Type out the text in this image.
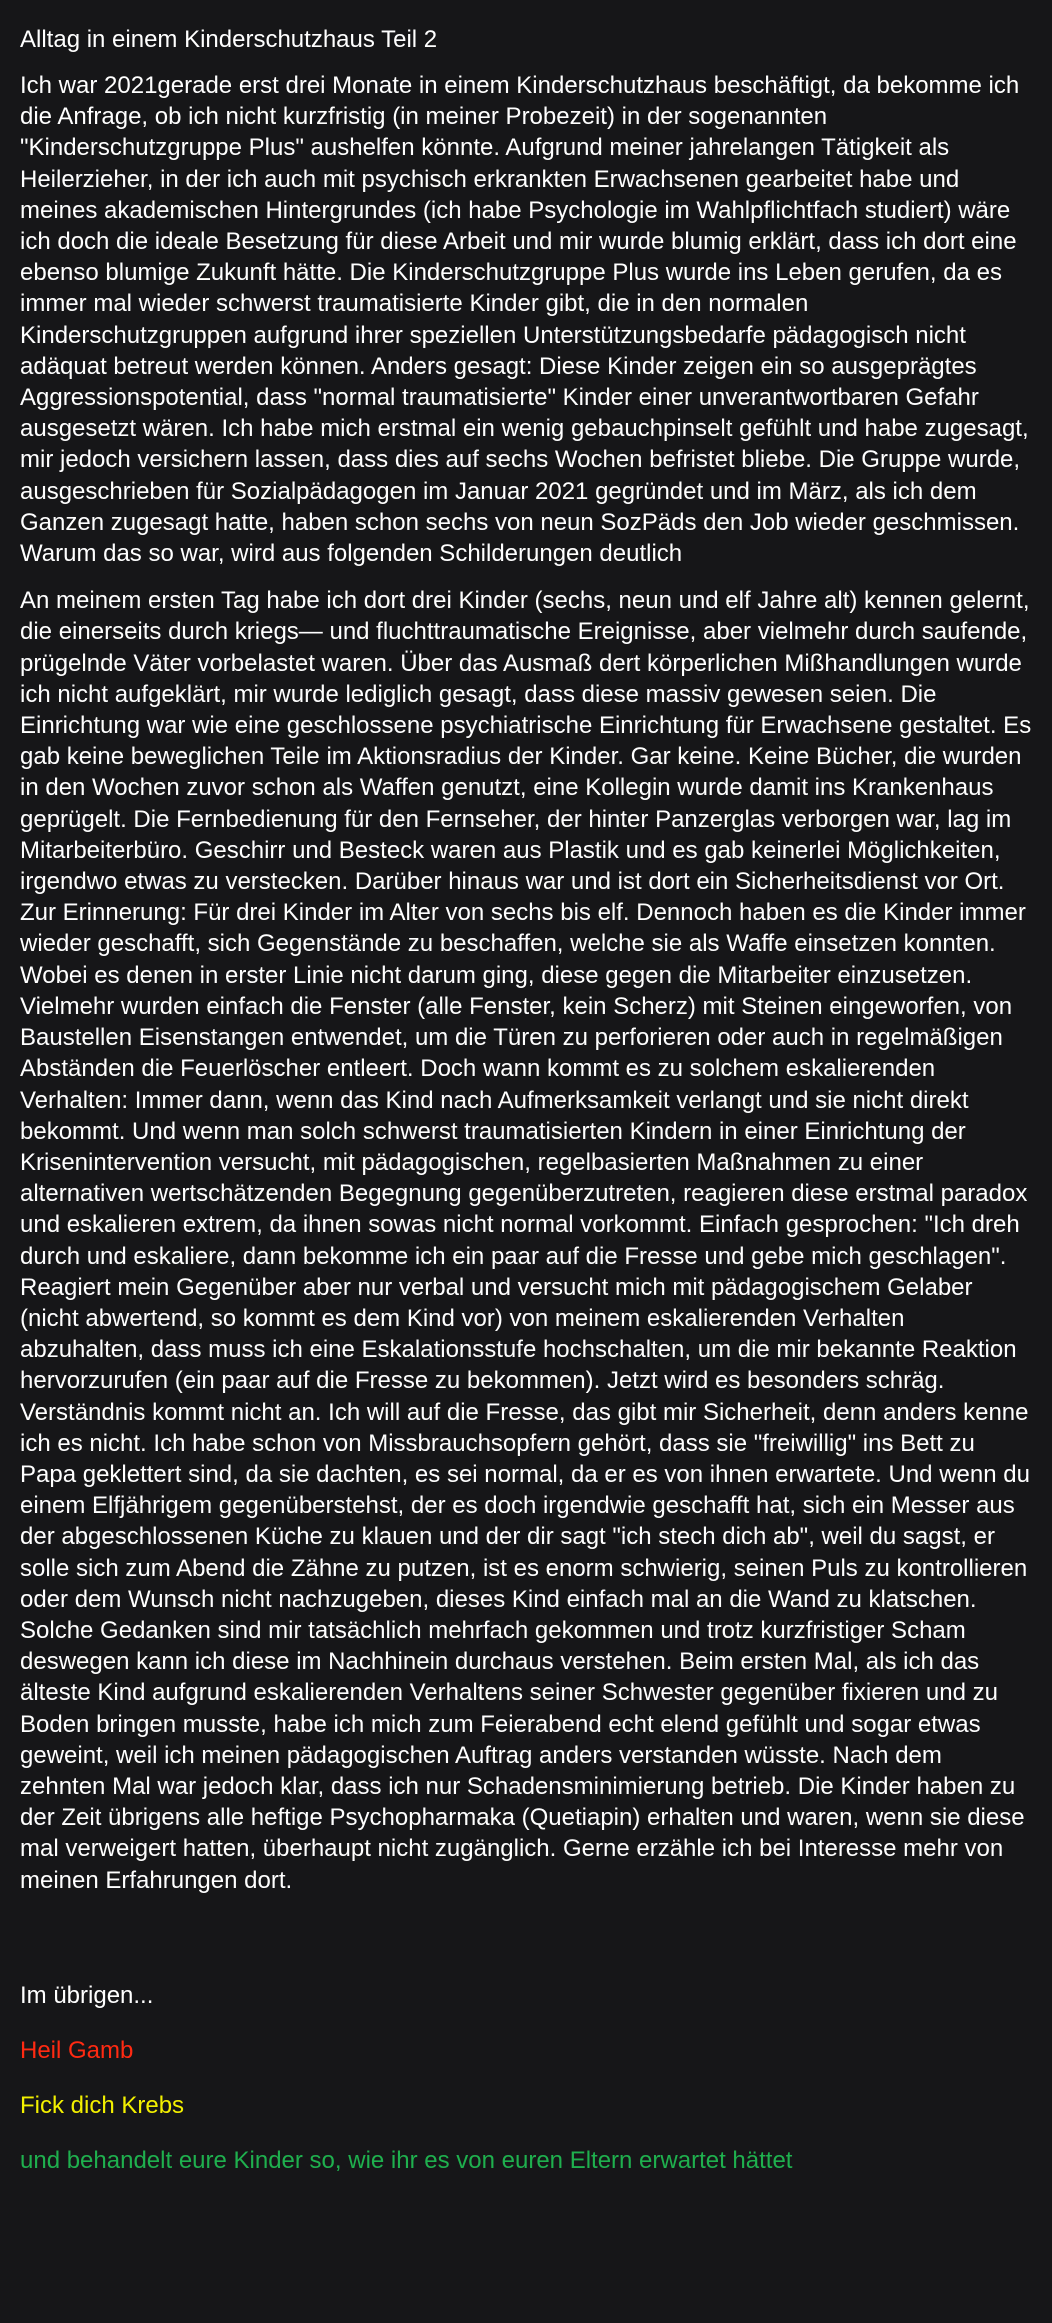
Alltag in einem Kinderschutzhaus Teil 2

Ich war 2021gerade erst drei Monate in einem Kinderschutzhaus beschäftigt, da bekomme ich die Anfrage, ob ich nicht kurzfristig (in meiner Probezeit) in der sogenannten "Kinderschutzgruppe Plus" aushelfen könnte. Aufgrund meiner jahrelangen Tätigkeit als Heilerzieher, in der ich auch mit psychisch erkrankten Erwachsenen gearbeitet habe und meines akademischen Hintergrundes (ich habe Psychologie im Wahlpflichtfach studiert) wäre ich doch die ideale Besetzung für diese Arbeit und mir wurde blumig erklärt, dass ich dort eine ebenso blumige Zukunft hätte. Die Kinderschutzgruppe Plus wurde ins Leben gerufen, da es immer mal wieder schwerst traumatisierte Kinder gibt, die in den normalen Kinderschutzgruppen aufgrund ihrer speziellen Unterstützungsbedarfe pädagogisch nicht adäquat betreut werden können. Anders gesagt: Diese Kinder zeigen ein so ausgeprägtes Aggressionspotential, dass "normal traumatisierte" Kinder einer unverantwortbaren Gefahr ausgesetzt wären. Ich habe mich erstmal ein wenig gebauchpinselt gefühlt und habe zugesagt, mir jedoch versichern lassen, dass dies auf sechs Wochen befristet bliebe. Die Gruppe wurde, ausgeschrieben für Sozialpädagogen im Januar 2021 gegründet und im März, als ich dem Ganzen zugesagt hatte, haben schon sechs von neun SozPäds den Job wieder geschmissen. Warum das so war, wird aus folgenden Schilderungen deutlich

An meinem ersten Tag habe ich dort drei Kinder (sechs, neun und elf Jahre alt) kennen gelernt, die einerseits durch kriegs— und fluchttraumatische Ereignisse, aber vielmehr durch saufende, prügelnde Väter vorbelastet waren. Über das Ausmaß dert körperlichen Mißhandlungen wurde ich nicht aufgeklärt, mir wurde lediglich gesagt, dass diese massiv gewesen seien. Die Einrichtung war wie eine geschlossene psychiatrische Einrichtung für Erwachsene gestaltet. Es gab keine beweglichen Teile im Aktionsradius der Kinder. Gar keine. Keine Bücher, die wurden in den Wochen zuvor schon als Waffen genutzt, eine Kollegin wurde damit ins Krankenhaus geprügelt. Die Fernbedienung für den Fernseher, der hinter Panzerglas verborgen war, lag im Mitarbeiterbüro. Geschirr und Besteck waren aus Plastik und es gab keinerlei Möglichkeiten, irgendwo etwas zu verstecken. Darüber hinaus war und ist dort ein Sicherheitsdienst vor Ort. Zur Erinnerung: Für drei Kinder im Alter von sechs bis elf. Dennoch haben es die Kinder immer wieder geschafft, sich Gegenstände zu beschaffen, welche sie als Waffe einsetzen konnten. Wobei es denen in erster Linie nicht darum ging, diese gegen die Mitarbeiter einzusetzen. Vielmehr wurden einfach die Fenster (alle Fenster, kein Scherz) mit Steinen eingeworfen, von Baustellen Eisenstangen entwendet, um die Türen zu perforieren oder auch in regelmäßigen Abständen die Feuerlöscher entleert. Doch wann kommt es zu solchem eskalierenden Verhalten: Immer dann, wenn das Kind nach Aufmerksamkeit verlangt und sie nicht direkt bekommt. Und wenn man solch schwerst traumatisierten Kindern in einer Einrichtung der Krisenintervention versucht, mit pädagogischen, regelbasierten Maßnahmen zu einer alternativen wertschätzenden Begegnung gegenüberzutreten, reagieren diese erstmal paradox und eskalieren extrem, da ihnen sowas nicht normal vorkommt. Einfach gesprochen: "Ich dreh durch und eskaliere, dann bekomme ich ein paar auf die Fresse und gebe mich geschlagen". Reagiert mein Gegenüber aber nur verbal und versucht mich mit pädagogischem Gelaber (nicht abwertend, so kommt es dem Kind vor) von meinem eskalierenden Verhalten abzuhalten, dass muss ich eine Eskalationsstufe hochschalten, um die mir bekannte Reaktion hervorzurufen (ein paar auf die Fresse zu bekommen). Jetzt wird es besonders schräg. Verständnis kommt nicht an. Ich will auf die Fresse, das gibt mir Sicherheit, denn anders kenne ich es nicht. Ich habe schon von Missbrauchsopfern gehört, dass sie "freiwillig" ins Bett zu Papa geklettert sind, da sie dachten, es sei normal, da er es von ihnen erwartete. Und wenn du einem Elfjährigem gegenüberstehst, der es doch irgendwie geschafft hat, sich ein Messer aus der abgeschlossenen Küche zu klauen und der dir sagt "ich stech dich ab", weil du sagst, er solle sich zum Abend die Zähne zu putzen, ist es enorm schwierig, seinen Puls zu kontrollieren oder dem Wunsch nicht nachzugeben, dieses Kind einfach mal an die Wand zu klatschen. Solche Gedanken sind mir tatsächlich mehrfach gekommen und trotz kurzfristiger Scham deswegen kann ich diese im Nachhinein durchaus verstehen. Beim ersten Mal, als ich das älteste Kind aufgrund eskalierenden Verhaltens seiner Schwester gegenüber fixieren und zu Boden bringen musste, habe ich mich zum Feierabend echt elend gefühlt und sogar etwas geweint, weil ich meinen pädagogischen Auftrag anders verstanden wüsste. Nach dem zehnten Mal war jedoch klar, dass ich nur Schadensminimierung betrieb. Die Kinder haben zu der Zeit übrigens alle heftige Psychopharmaka (Quetiapin) erhalten und waren, wenn sie diese mal verweigert hatten, überhaupt nicht zugänglich. Gerne erzähle ich bei Interesse mehr von meinen Erfahrungen dort.

Im übrigen...
Heil Gamb
Fick dich Krebs
und behandelt eure Kinder so, wie ihr es von euren Eltern erwartet hättet
